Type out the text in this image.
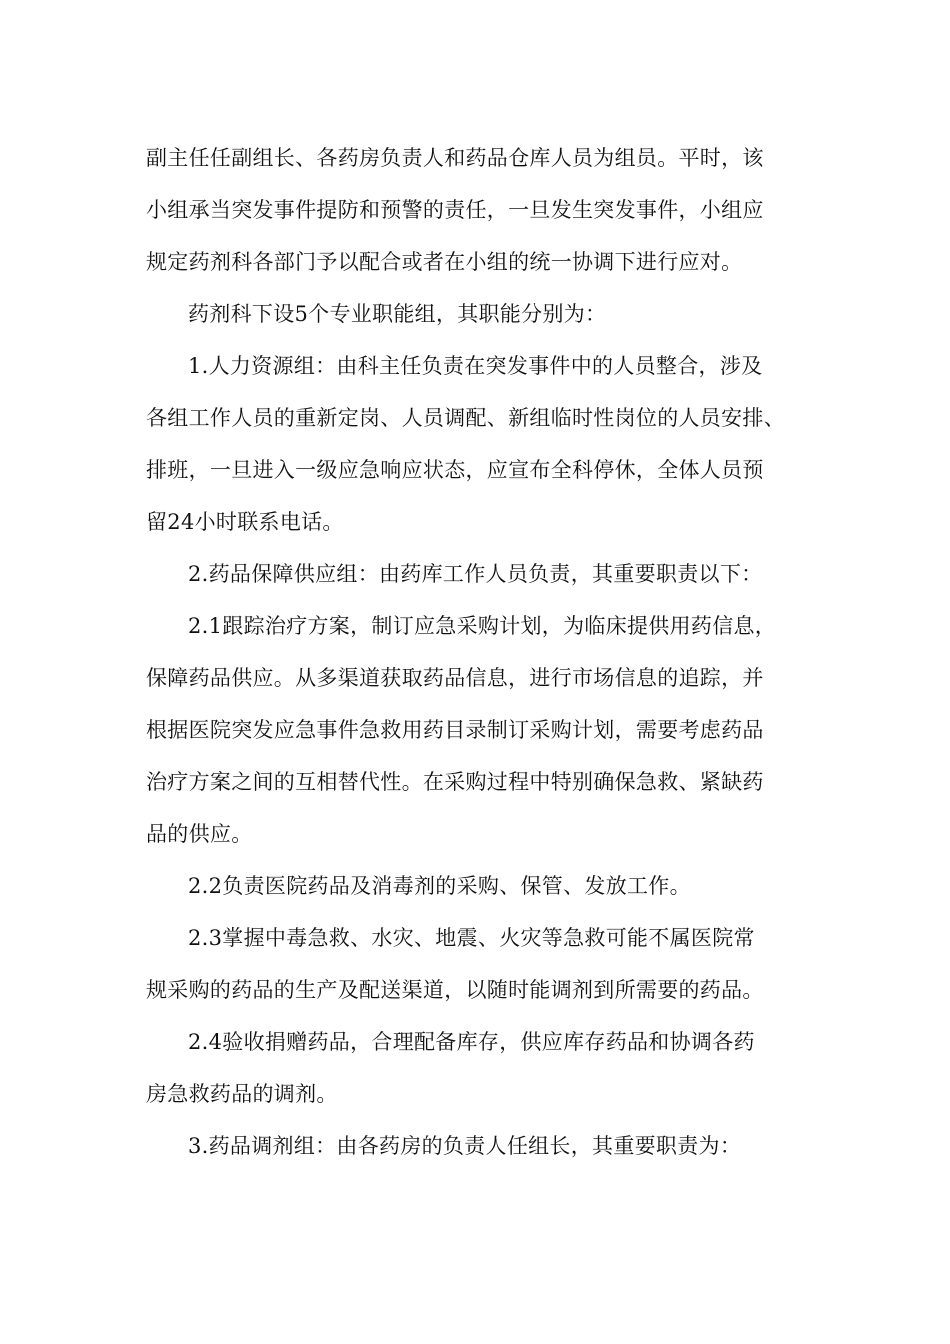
副主任任副组长、各药房负责人和药品仓库人员为组员。平时，该
小组承当突发事件提防和预警的责任，一旦发生突发事件，小组应
规定药剂科各部门予以配合或者在小组的统一协调下进行应对。
药剂科下设5个专业职能组，其职能分别为：
1.人力资源组：由科主任负责在突发事件中的人员整合，涉及
各组工作人员的重新定岗、人员调配、新组临时性岗位的人员安排、
排班，一旦进入一级应急响应状态，应宣布全科停休，全体人员预
留24小时联系电话。
2.药品保障供应组：由药库工作人员负责，其重要职责以下：
2.1跟踪治疗方案，制订应急采购计划，为临床提供用药信息，
保障药品供应。从多渠道获取药品信息，进行市场信息的追踪，并
根据医院突发应急事件急救用药目录制订采购计划，需要考虑药品
治疗方案之间的互相替代性。在采购过程中特别确保急救、紧缺药
品的供应。
2.2负责医院药品及消毒剂的采购、保管、发放工作。
2.3掌握中毒急救、水灾、地震、火灾等急救可能不属医院常
规采购的药品的生产及配送渠道，以随时能调剂到所需要的药品。
2.4验收捐赠药品，合理配备库存，供应库存药品和协调各药
房急救药品的调剂。
3.药品调剂组：由各药房的负责人任组长，其重要职责为：
